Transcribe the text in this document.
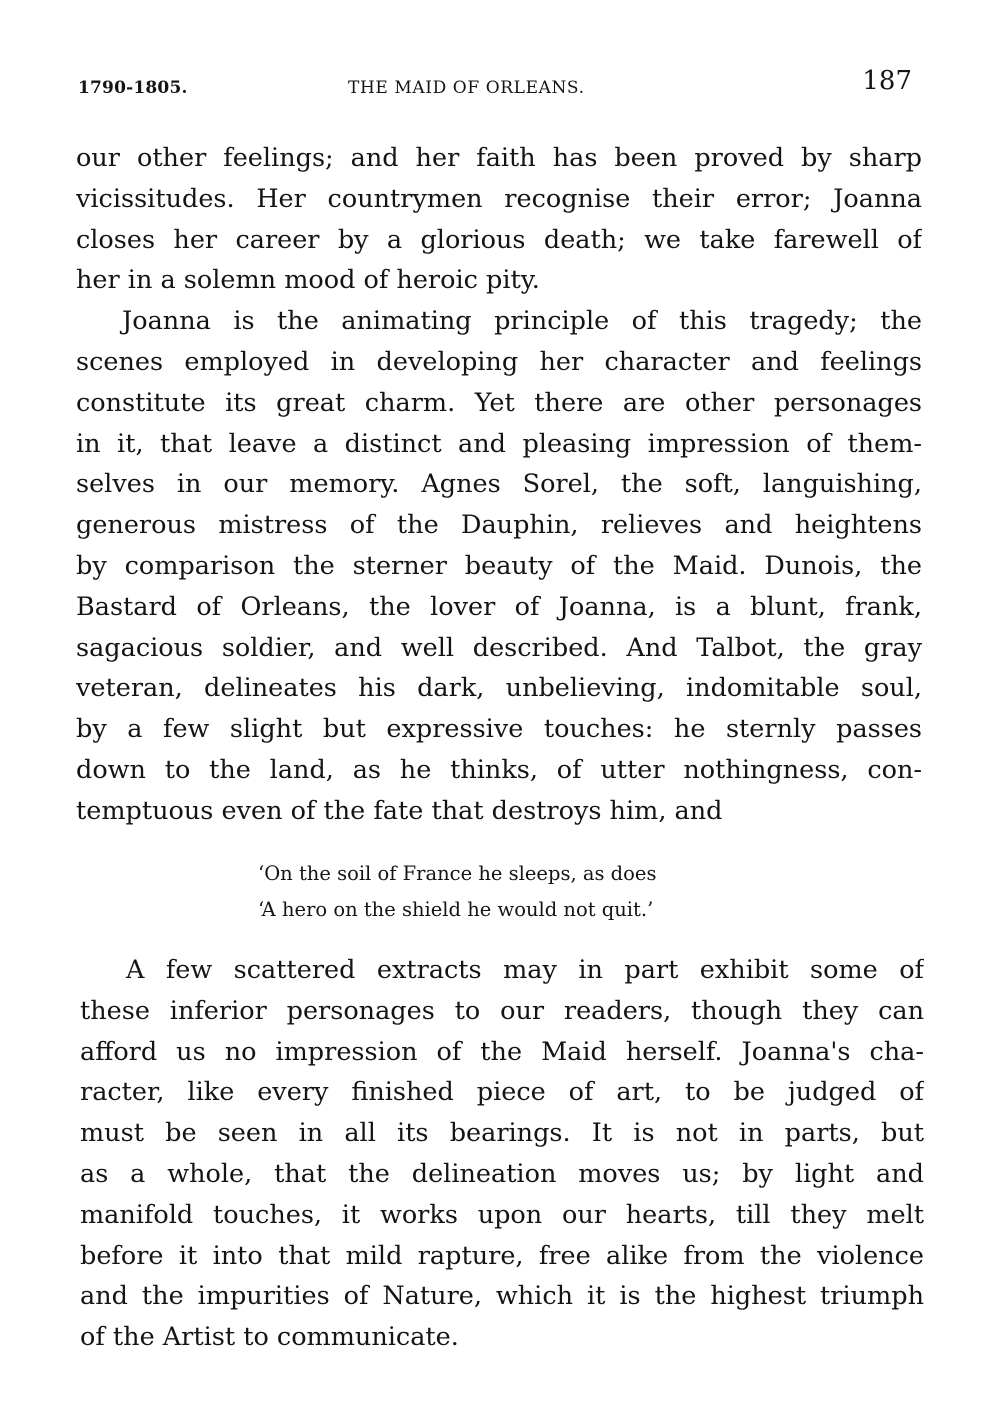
1790-1805.	THE MAID OF ORLEANS.	187
our other feelings; and her faith has been proved by sharp
vicissitudes. Her countrymen recognise their error; Joanna
closes her career by a glorious death; we take farewell of
her in a solemn mood of heroic pity.
Joanna is the animating principle of this tragedy; the
scenes employed in developing her character and feelings
constitute its great charm. Yet there are other personages
in it, that leave a distinct and pleasing impression of them-
selves in our memory. Agnes Sorel, the soft, languishing,
generous mistress of the Dauphin, relieves and heightens
by comparison the sterner beauty of the Maid. Dunois, the
Bastard of Orleans, the lover of Joanna, is a blunt, frank,
sagacious soldier, and well described. And Talbot, the gray
veteran, delineates his dark, unbelieving, indomitable soul,
by a few slight but expressive touches: he sternly passes
down to the land, as he thinks, of utter nothingness, con-
temptuous even of the fate that destroys him, and
‘On the soil of France he sleeps, as does
‘A hero on the shield he would not quit.’
A few scattered extracts may in part exhibit some of
these inferior personages to our readers, though they can
afford us no impression of the Maid herself. Joanna's cha-
racter, like every finished piece of art, to be judged of
must be seen in all its bearings. It is not in parts, but
as a whole, that the delineation moves us; by light and
manifold touches, it works upon our hearts, till they melt
before it into that mild rapture, free alike from the violence
and the impurities of Nature, which it is the highest triumph
of the Artist to communicate.
